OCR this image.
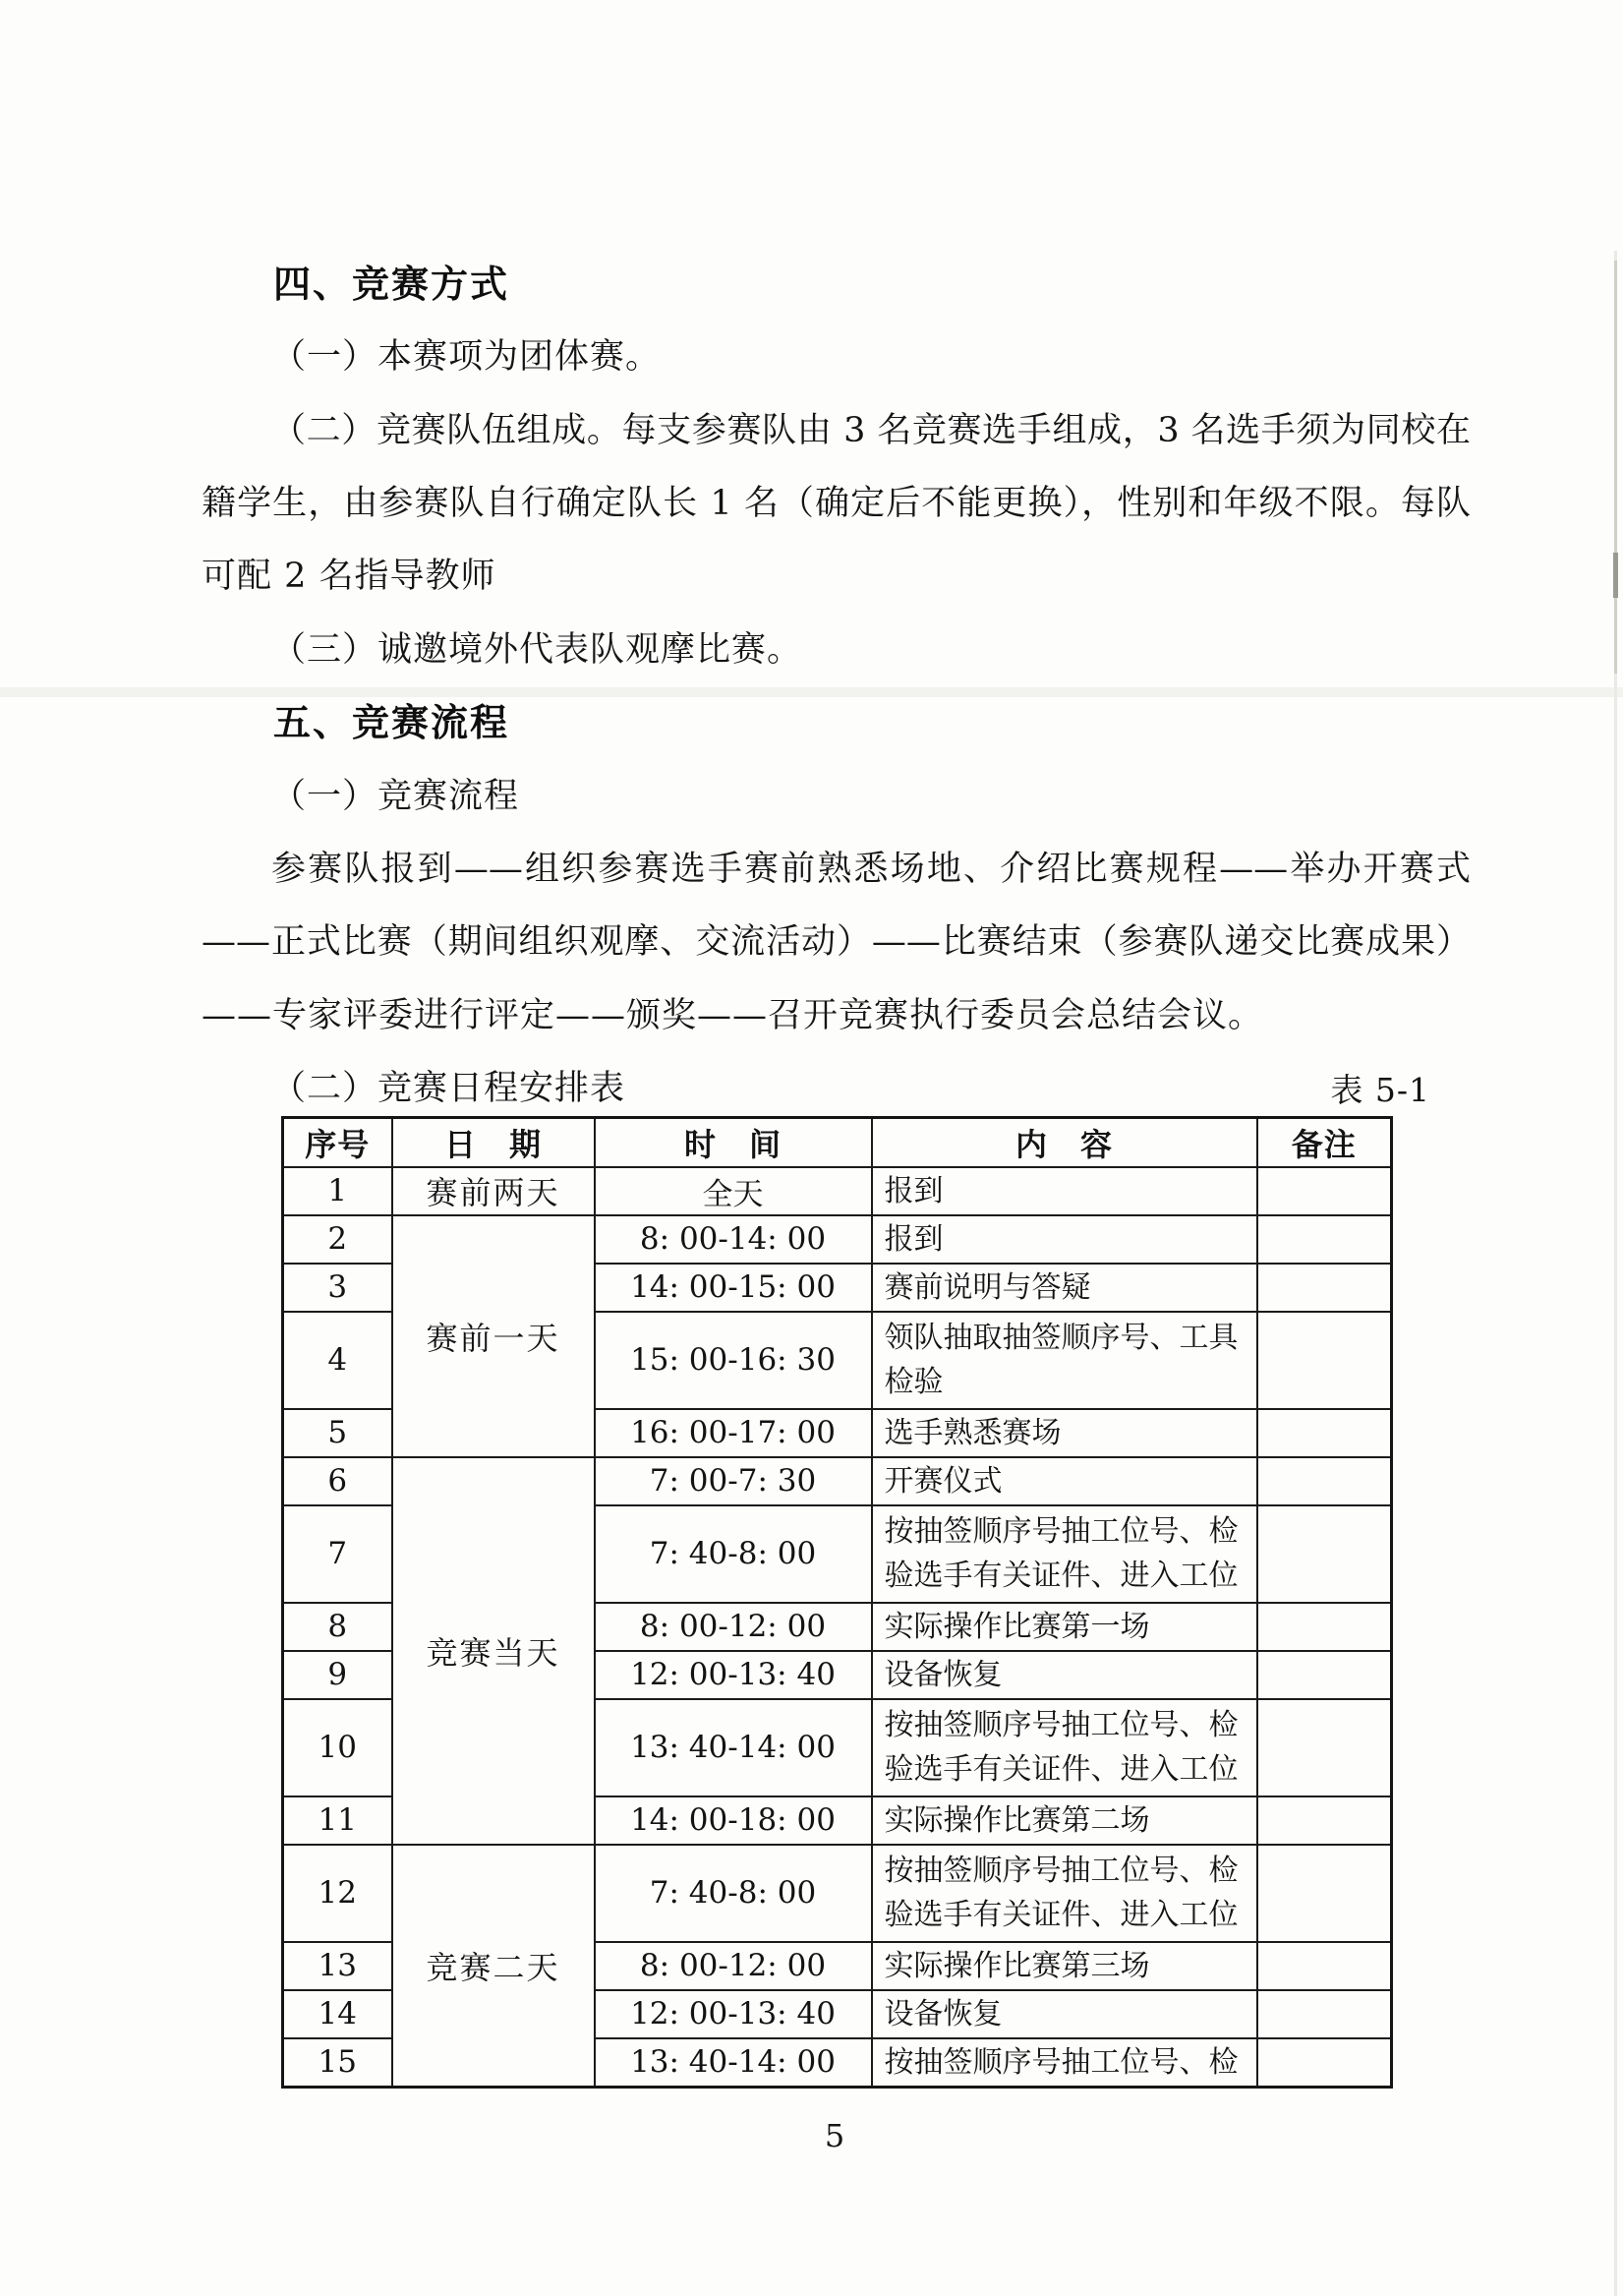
四、竞赛方式
（一）本赛项为团体赛。
（二）竞赛队伍组成。每支参赛队由 3 名竞赛选手组成，3 名选手须为同校在
籍学生，由参赛队自行确定队长 1 名（确定后不能更换），性别和年级不限。每队
可配 2 名指导教师
（三）诚邀境外代表队观摩比赛。
五、竞赛流程
（一）竞赛流程
参赛队报到——组织参赛选手赛前熟悉场地、介绍比赛规程——举办开赛式
——正式比赛（期间组织观摩、交流活动）——比赛结束（参赛队递交比赛成果）
——专家评委进行评定——颁奖——召开竞赛执行委员会总结会议。
（二）竞赛日程安排表	表 5-1
序号	日　期	时　间	内　容	备注
1	赛前两天	全天	报到	

2	赛前一天	8: 00-14: 00	报到	

3		14: 00-15: 00	赛前说明与答疑	

4		15: 00-16: 30	领队抽取抽签顺序号、工具
检验	

5		16: 00-17: 00	选手熟悉赛场	

6	竞赛当天	7: 00-7: 30	开赛仪式	

7		7: 40-8: 00	按抽签顺序号抽工位号、检
验选手有关证件、进入工位	

8		8: 00-12: 00	实际操作比赛第一场	

9		12: 00-13: 40	设备恢复	

10		13: 40-14: 00	按抽签顺序号抽工位号、检
验选手有关证件、进入工位	

11		14: 00-18: 00	实际操作比赛第二场	

12	竞赛二天	7: 40-8: 00	按抽签顺序号抽工位号、检
验选手有关证件、进入工位	

13		8: 00-12: 00	实际操作比赛第三场	

14		12: 00-13: 40	设备恢复	

15		13: 40-14: 00	按抽签顺序号抽工位号、检	

5
